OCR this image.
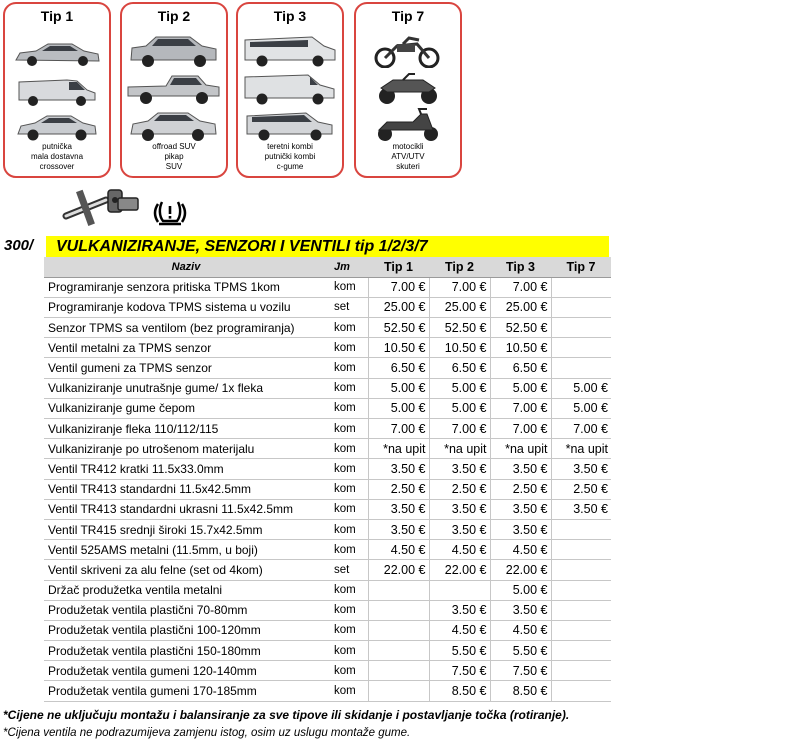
Tip 1
putnička
mala dostavna
crossover
Tip 2
offroad SUV
pikap
SUV
Tip 3
teretni kombi
putnički kombi
c-gume
Tip 7
motocikli
ATV/UTV
skuteri
300/	VULKANIZIRANJE, SENZORI I VENTILI tip 1/2/3/7
Naziv	Jm	Tip 1	Tip 2	Tip 3	Tip 7
Programiranje senzora pritiska TPMS 1kom	kom	7.00 €	7.00 €	7.00 €	
Programiranje kodova TPMS sistema u vozilu	set	25.00 €	25.00 €	25.00 €	
Senzor TPMS sa ventilom (bez programiranja)	kom	52.50 €	52.50 €	52.50 €	
Ventil metalni za TPMS senzor	kom	10.50 €	10.50 €	10.50 €	
Ventil gumeni za TPMS senzor	kom	6.50 €	6.50 €	6.50 €	
Vulkaniziranje unutrašnje gume/ 1x fleka	kom	5.00 €	5.00 €	5.00 €	5.00 €
Vulkaniziranje gume čepom	kom	5.00 €	5.00 €	7.00 €	5.00 €
Vulkaniziranje fleka 110/112/115	kom	7.00 €	7.00 €	7.00 €	7.00 €
Vulkaniziranje po utrošenom materijalu	kom	*na upit	*na upit	*na upit	*na upit
Ventil TR412 kratki 11.5x33.0mm	kom	3.50 €	3.50 €	3.50 €	3.50 €
Ventil TR413 standardni 11.5x42.5mm	kom	2.50 €	2.50 €	2.50 €	2.50 €
Ventil TR413 standardni ukrasni 11.5x42.5mm	kom	3.50 €	3.50 €	3.50 €	3.50 €
Ventil TR415 srednji široki 15.7x42.5mm	kom	3.50 €	3.50 €	3.50 €	
Ventil 525AMS metalni (11.5mm, u boji)	kom	4.50 €	4.50 €	4.50 €	
Ventil skriveni za alu felne (set od 4kom)	set	22.00 €	22.00 €	22.00 €	
Držač produžetka ventila metalni	kom			5.00 €	
Produžetak ventila plastični 70-80mm	kom		3.50 €	3.50 €	
Produžetak ventila plastični 100-120mm	kom		4.50 €	4.50 €	
Produžetak ventila plastični 150-180mm	kom		5.50 €	5.50 €	
Produžetak ventila gumeni 120-140mm	kom		7.50 €	7.50 €	
Produžetak ventila gumeni 170-185mm	kom		8.50 €	8.50 €	
*Cijene ne uključuju montažu i balansiranje za sve tipove ili skidanje i postavljanje točka (rotiranje).
*Cijena ventila ne podrazumijeva zamjenu istog, osim uz uslugu montaže gume.
